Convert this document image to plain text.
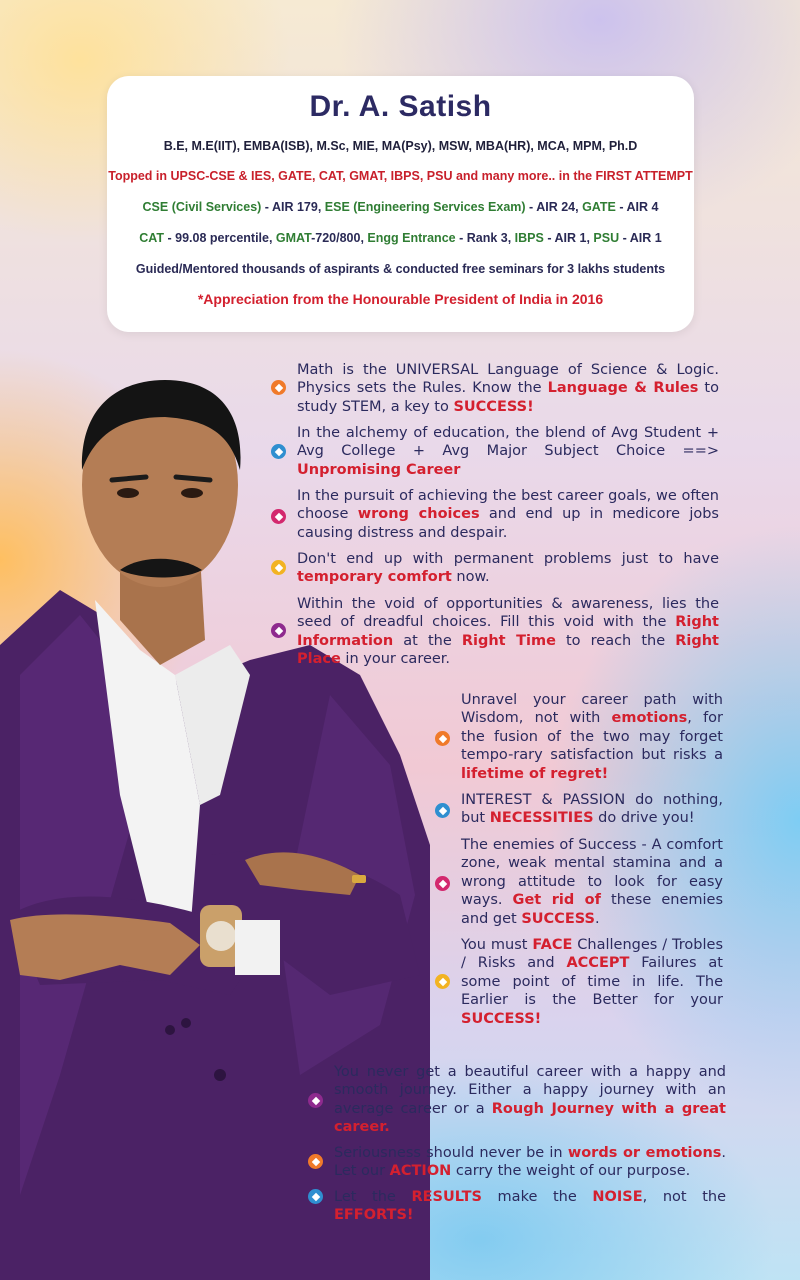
Dr. A. Satish
B.E, M.E(IIT), EMBA(ISB), M.Sc, MIE, MA(Psy), MSW, MBA(HR), MCA, MPM, Ph.D
Topped in UPSC-CSE & IES, GATE, CAT, GMAT, IBPS, PSU and many more.. in the FIRST ATTEMPT
CSE (Civil Services) - AIR 179, ESE (Engineering Services Exam) - AIR 24, GATE - AIR 4
CAT - 99.08 percentile, GMAT-720/800, Engg Entrance - Rank 3, IBPS - AIR 1, PSU - AIR 1
Guided/Mentored thousands of aspirants & conducted free seminars for 3 lakhs students
*Appreciation from the Honourable President of India in 2016
Math is the UNIVERSAL Language of Science & Logic. Physics sets the Rules. Know the Language & Rules to study STEM, a key to SUCCESS!
In the alchemy of education, the blend of Avg Student + Avg College + Avg Major Subject Choice ==> Unpromising Career
In the pursuit of achieving the best career goals, we often choose wrong choices and end up in medicore jobs causing distress and despair.
Don't end up with permanent problems just to have temporary comfort now.
Within the void of opportunities & awareness, lies the seed of dreadful choices. Fill this void with the Right Information at the Right Time to reach the Right Place in your career.
Unravel your career path with Wisdom, not with emotions, for the fusion of the two may forget tempo-rary satisfaction but risks a lifetime of regret!
INTEREST & PASSION do nothing, but NECESSITIES do drive you!
The enemies of Success - A comfort zone, weak mental stamina and a wrong attitude to look for easy ways. Get rid of these enemies and get SUCCESS.
You must FACE Challenges / Trobles / Risks and ACCEPT Failures at some point of time in life. The Earlier is the Better for your SUCCESS!
You never get a beautiful career with a happy and smooth journey. Either a happy journey with an average career or a Rough Journey with a great career.
Seriousness should never be in words or emotions. Let our ACTION carry the weight of our purpose.
Let the RESULTS make the NOISE, not the EFFORTS!
